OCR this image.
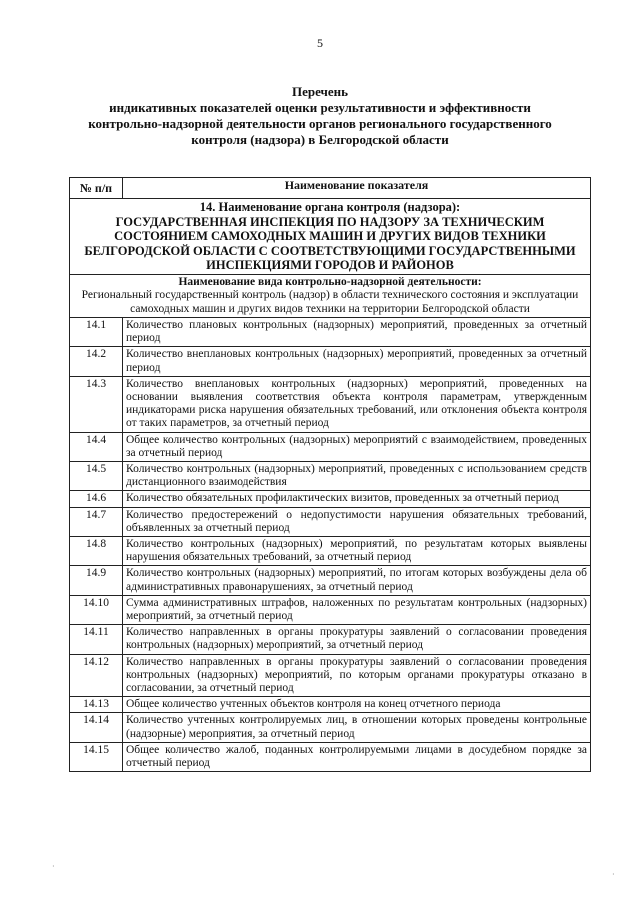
5
Перечень
индикативных показателей оценки результативности и эффективности
контрольно-надзорной деятельности органов регионального государственного
контроля (надзора) в Белгородской области
№ п/п	Наименование показателя

14. Наименование органа контроля (надзора):
ГОСУДАРСТВЕННАЯ ИНСПЕКЦИЯ ПО НАДЗОРУ ЗА ТЕХНИЧЕСКИМ СОСТОЯНИЕМ САМОХОДНЫХ МАШИН И ДРУГИХ ВИДОВ ТЕХНИКИ БЕЛГОРОДСКОЙ ОБЛАСТИ С СООТВЕТСТВУЮЩИМИ ГОСУДАРСТВЕННЫМИ ИНСПЕКЦИЯМИ ГОРОДОВ И РАЙОНОВ	

Наименование вида контрольно-надзорной деятельности:
Региональный государственный контроль (надзор) в области технического состояния и эксплуатации самоходных машин и других видов техники на территории Белгородской области	

14.1	Количество плановых контрольных (надзорных) мероприятий, проведенных за отчетный период
14.2	Количество внеплановых контрольных (надзорных) мероприятий, проведенных за отчетный период
14.3	Количество внеплановых контрольных (надзорных) мероприятий, проведенных на основании выявления соответствия объекта контроля параметрам, утвержденным индикаторами риска нарушения обязательных требований, или отклонения объекта контроля от таких параметров, за отчетный период
14.4	Общее количество контрольных (надзорных) мероприятий с взаимодействием, проведенных за отчетный период
14.5	Количество контрольных (надзорных) мероприятий, проведенных с использованием средств дистанционного взаимодействия
14.6	Количество обязательных профилактических визитов, проведенных за отчетный период
14.7	Количество предостережений о недопустимости нарушения обязательных требований, объявленных за отчетный период
14.8	Количество контрольных (надзорных) мероприятий, по результатам которых выявлены нарушения обязательных требований, за отчетный период
14.9	Количество контрольных (надзорных) мероприятий, по итогам которых возбуждены дела об административных правонарушениях, за отчетный период
14.10	Сумма административных штрафов, наложенных по результатам контрольных (надзорных) мероприятий, за отчетный период
14.11	Количество направленных в органы прокуратуры заявлений о согласовании проведения контрольных (надзорных) мероприятий, за отчетный период
14.12	Количество направленных в органы прокуратуры заявлений о согласовании проведения контрольных (надзорных) мероприятий, по которым органами прокуратуры отказано в согласовании, за отчетный период
14.13	Общее количество учтенных объектов контроля на конец отчетного периода
14.14	Количество учтенных контролируемых лиц, в отношении которых проведены контрольные (надзорные) мероприятия, за отчетный период
14.15	Общее количество жалоб, поданных контролируемыми лицами в досудебном порядке за отчетный период
·
·
